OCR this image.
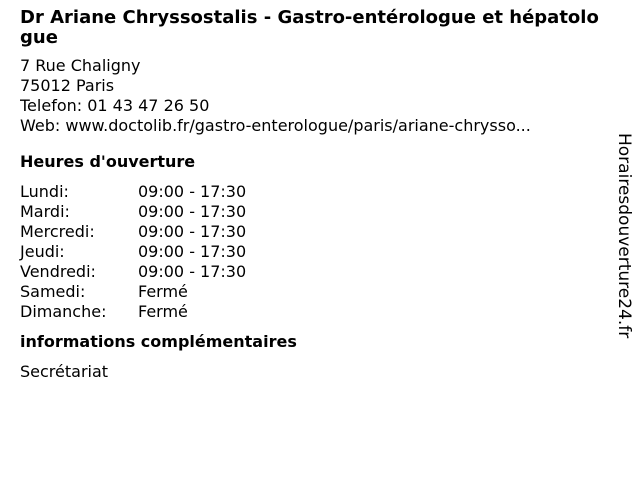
Dr Ariane Chryssostalis - Gastro-entérologue et hépatologue
7 Rue Chaligny
75012 Paris
Telefon: 01 43 47 26 50
Web: www.doctolib.fr/gastro-enterologue/paris/ariane-chrysso...
Heures d'ouverture
Lundi:	09:00 - 17:30
Mardi:	09:00 - 17:30
Mercredi:	09:00 - 17:30
Jeudi:	09:00 - 17:30
Vendredi:	09:00 - 17:30
Samedi:	Fermé
Dimanche:	Fermé
informations complémentaires
Secrétariat
Horairesdouverture24.fr
